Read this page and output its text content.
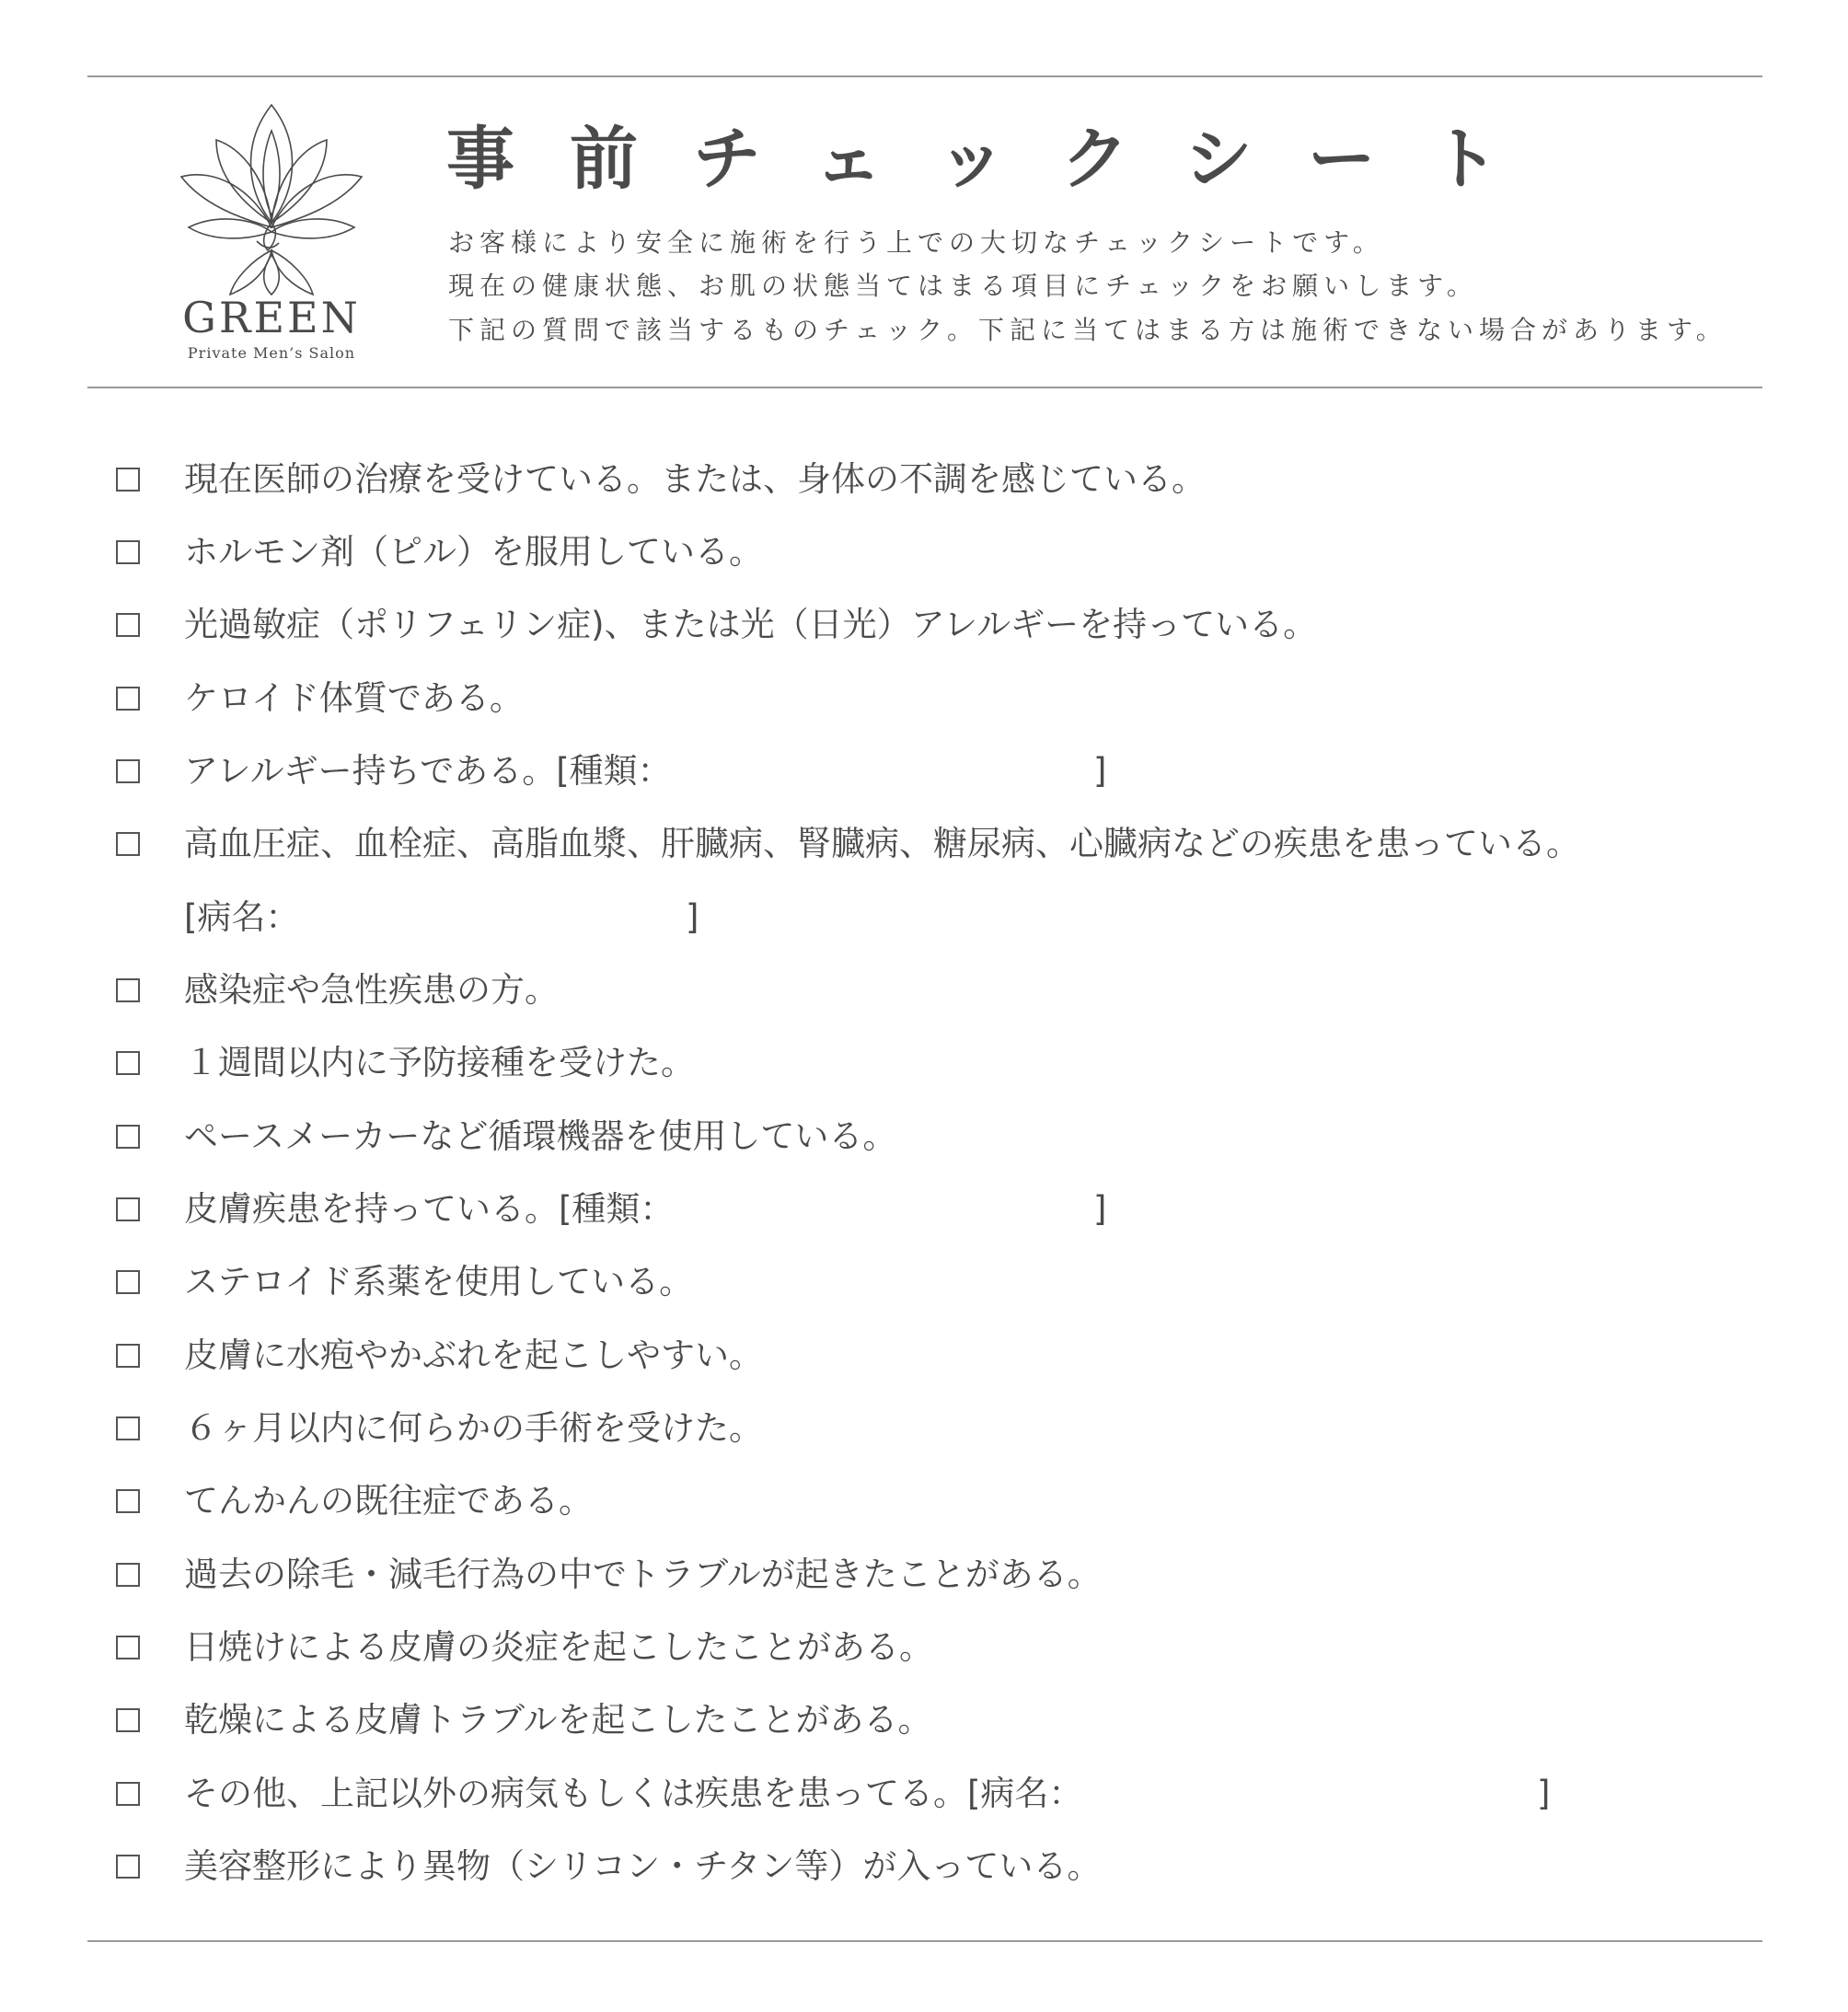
GREEN
Private Men’s Salon
事前チェックシート
お客様により安全に施術を行う上での大切なチェックシートです。
現在の健康状態、お肌の状態当てはまる項目にチェックをお願いします。
下記の質問で該当するものチェック。下記に当てはまる方は施術できない場合があります。
現在医師の治療を受けている。または、身体の不調を感じている。
ホルモン剤（ピル）を服用している。
光過敏症（ポリフェリン症)、または光（日光）アレルギーを持っている。
ケロイド体質である。
アレルギー持ちである。[種類：	]
高血圧症、血栓症、高脂血漿、肝臓病、腎臓病、糖尿病、心臓病などの疾患を患っている。
[病名：	]
感染症や急性疾患の方。
１週間以内に予防接種を受けた。
ペースメーカーなど循環機器を使用している。
皮膚疾患を持っている。[種類：	]
ステロイド系薬を使用している。
皮膚に水疱やかぶれを起こしやすい。
６ヶ月以内に何らかの手術を受けた。
てんかんの既往症である。
過去の除毛・減毛行為の中でトラブルが起きたことがある。
日焼けによる皮膚の炎症を起こしたことがある。
乾燥による皮膚トラブルを起こしたことがある。
その他、上記以外の病気もしくは疾患を患ってる。[病名：	]
美容整形により異物（シリコン・チタン等）が入っている。
